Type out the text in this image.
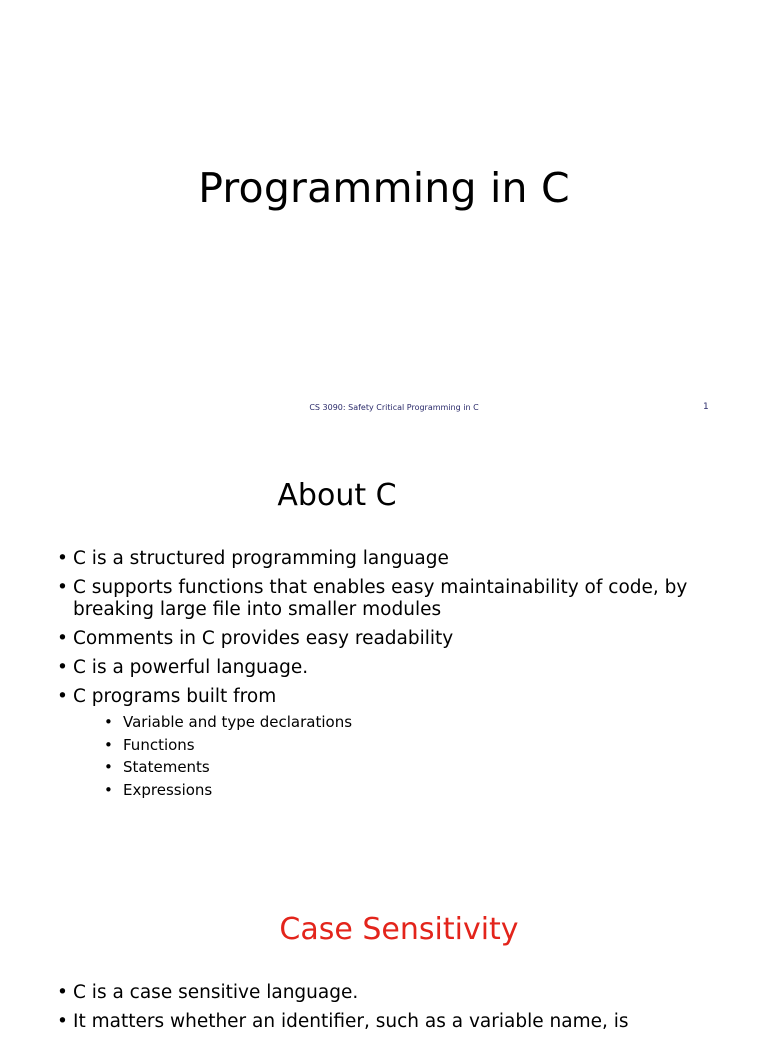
Programming in C
CS 3090: Safety Critical Programming in C	1
About C
• C is a structured programming language
• C supports functions that enables easy maintainability of code, by breaking large file into smaller modules
• Comments in C provides easy readability
• C is a powerful language.
• C programs built from
• Variable and type declarations
• Functions
• Statements
• Expressions
Case Sensitivity
• C is a case sensitive language.
• It matters whether an identifier, such as a variable name, is
